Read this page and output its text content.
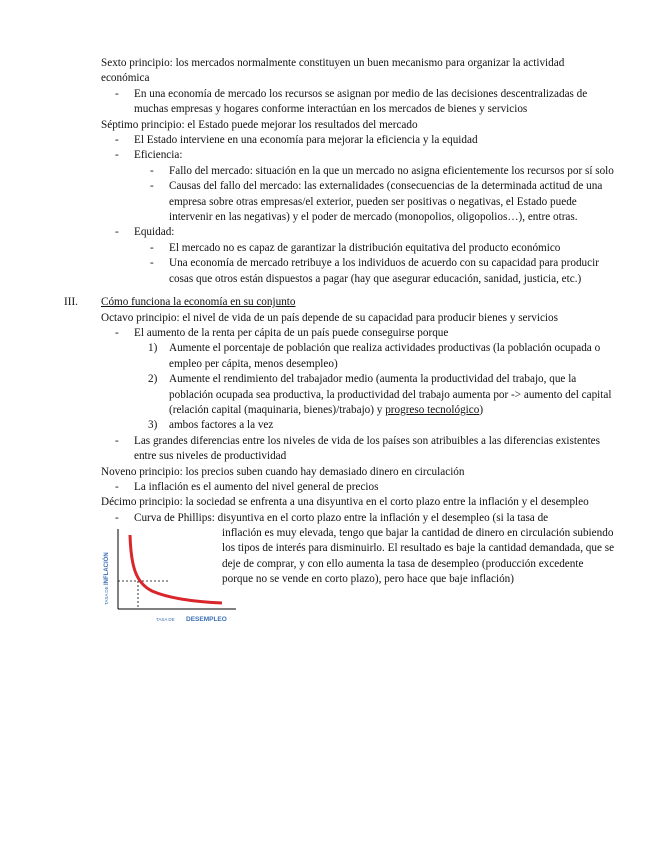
Sexto principio: los mercados normalmente constituyen un buen mecanismo para organizar la actividad económica
- En una economía de mercado los recursos se asignan por medio de las decisiones descentralizadas de muchas empresas y hogares conforme interactúan en los mercados de bienes y servicios
Séptimo principio: el Estado puede mejorar los resultados del mercado
- El Estado interviene en una economía para mejorar la eficiencia y la equidad
- Eficiencia:
- Fallo del mercado: situación en la que un mercado no asigna eficientemente los recursos por sí solo
- Causas del fallo del mercado: las externalidades (consecuencias de la determinada actitud de una empresa sobre otras empresas/el exterior, pueden ser positivas o negativas, el Estado puede intervenir en las negativas) y el poder de mercado (monopolios, oligopolios…), entre otras.
- Equidad:
- El mercado no es capaz de garantizar la distribución equitativa del producto económico
- Una economía de mercado retribuye a los individuos de acuerdo con su capacidad para producir cosas que otros están dispuestos a pagar (hay que asegurar educación, sanidad, justicia, etc.)
III. Cómo funciona la economía en su conjunto
Octavo principio: el nivel de vida de un país depende de su capacidad para producir bienes y servicios
- El aumento de la renta per cápita de un país puede conseguirse porque
1) Aumente el porcentaje de población que realiza actividades productivas (la población ocupada o empleo per cápita, menos desempleo)
2) Aumente el rendimiento del trabajador medio (aumenta la productividad del trabajo, que la población ocupada sea productiva, la productividad del trabajo aumenta por -> aumento del capital (relación capital (maquinaria, bienes)/trabajo) y progreso tecnológico)
3) ambos factores a la vez
- Las grandes diferencias entre los niveles de vida de los países son atribuibles a las diferencias existentes entre sus niveles de productividad
Noveno principio: los precios suben cuando hay demasiado dinero en circulación
- La inflación es el aumento del nivel general de precios
Décimo principio: la sociedad se enfrenta a una disyuntiva en el corto plazo entre la inflación y el desempleo
- Curva de Phillips: disyuntiva en el corto plazo entre la inflación y el desempleo (si la tasa de
inflación es muy elevada, tengo que bajar la cantidad de dinero en circulación subiendo los tipos de interés para disminuirlo. El resultado es baje la cantidad demandada, que se deje de comprar, y con ello aumenta la tasa de desempleo (producción excedente porque no se vende en corto plazo), pero hace que baje inflación)
TASA DE
INFLACIÓN
TASA DE DESEMPLEO
